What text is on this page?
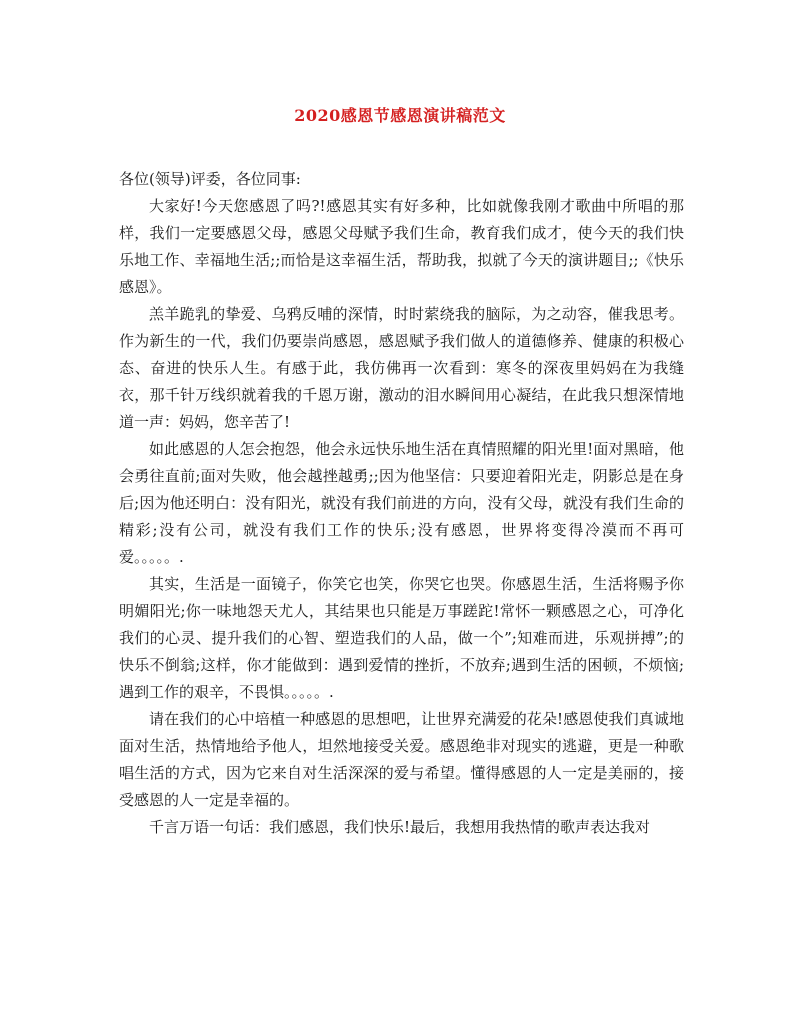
2020感恩节感恩演讲稿范文

各位(领导)评委，各位同事:

大家好!今天您感恩了吗?!感恩其实有好多种，比如就像我刚才歌曲中所唱的那样，我们一定要感恩父母，感恩父母赋予我们生命，教育我们成才，使今天的我们快乐地工作、幸福地生活;;而恰是这幸福生活，帮助我，拟就了今天的演讲题目;;《快乐感恩》。

羔羊跪乳的挚爱、乌鸦反哺的深情，时时萦绕我的脑际，为之动容，催我思考。作为新生的一代，我们仍要崇尚感恩，感恩赋予我们做人的道德修养、健康的积极心态、奋进的快乐人生。有感于此，我仿佛再一次看到：寒冬的深夜里妈妈在为我缝衣，那千针万线织就着我的千恩万谢，激动的泪水瞬间用心凝结，在此我只想深情地道一声：妈妈，您辛苦了!

如此感恩的人怎会抱怨，他会永远快乐地生活在真情照耀的阳光里!面对黑暗，他会勇往直前;面对失败，他会越挫越勇;;因为他坚信：只要迎着阳光走，阴影总是在身后;因为他还明白：没有阳光，就没有我们前进的方向，没有父母，就没有我们生命的精彩;没有公司，就没有我们工作的快乐;没有感恩，世界将变得冷漠而不再可爱。。。。。.

其实，生活是一面镜子，你笑它也笑，你哭它也哭。你感恩生活，生活将赐予你明媚阳光;你一味地怨天尤人，其结果也只能是万事蹉跎!常怀一颗感恩之心，可净化我们的心灵、提升我们的心智、塑造我们的人品，做一个”;知难而进，乐观拼搏”;的快乐不倒翁;这样，你才能做到：遇到爱情的挫折，不放弃;遇到生活的困顿，不烦恼;遇到工作的艰辛，不畏惧。。。。。.

请在我们的心中培植一种感恩的思想吧，让世界充满爱的花朵!感恩使我们真诚地面对生活，热情地给予他人，坦然地接受关爱。感恩绝非对现实的逃避，更是一种歌唱生活的方式，因为它来自对生活深深的爱与希望。懂得感恩的人一定是美丽的，接受感恩的人一定是幸福的。

千言万语一句话：我们感恩，我们快乐!最后，我想用我热情的歌声表达我对
